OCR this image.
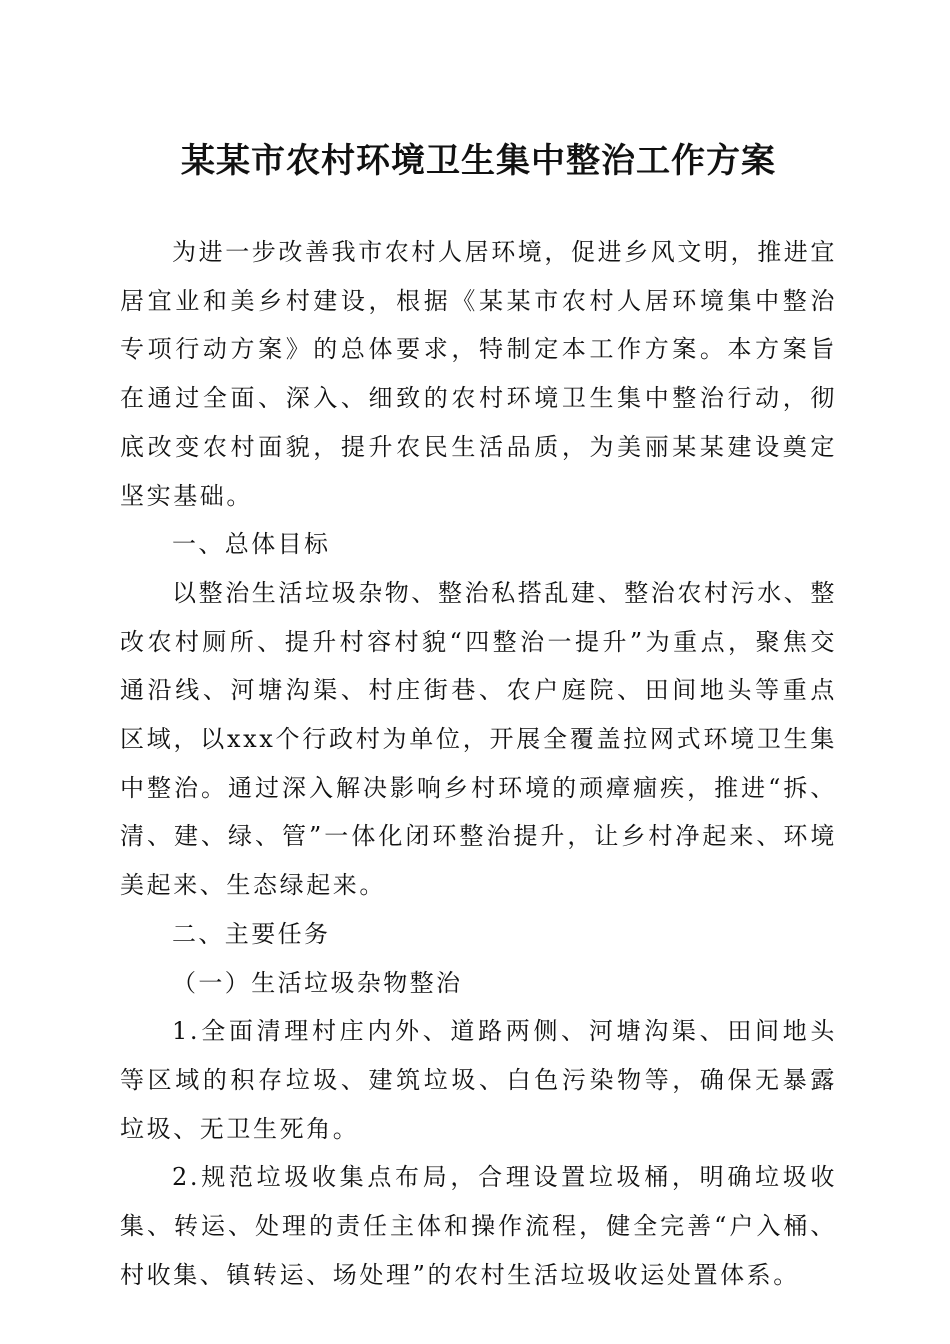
某某市农村环境卫生集中整治工作方案

为进一步改善我市农村人居环境，促进乡风文明，推进宜居宜业和美乡村建设，根据《某某市农村人居环境集中整治专项行动方案》的总体要求，特制定本工作方案。本方案旨在通过全面、深入、细致的农村环境卫生集中整治行动，彻底改变农村面貌，提升农民生活品质，为美丽某某建设奠定坚实基础。

一、总体目标

以整治生活垃圾杂物、整治私搭乱建、整治农村污水、整改农村厕所、提升村容村貌“四整治一提升”为重点，聚焦交通沿线、河塘沟渠、村庄街巷、农户庭院、田间地头等重点区域，以xxx个行政村为单位，开展全覆盖拉网式环境卫生集中整治。通过深入解决影响乡村环境的顽瘴痼疾，推进“拆、清、建、绿、管”一体化闭环整治提升，让乡村净起来、环境美起来、生态绿起来。

二、主要任务

（一）生活垃圾杂物整治

1.全面清理村庄内外、道路两侧、河塘沟渠、田间地头等区域的积存垃圾、建筑垃圾、白色污染物等，确保无暴露垃圾、无卫生死角。

2.规范垃圾收集点布局，合理设置垃圾桶，明确垃圾收集、转运、处理的责任主体和操作流程，健全完善“户入桶、村收集、镇转运、场处理”的农村生活垃圾收运处置体系。
